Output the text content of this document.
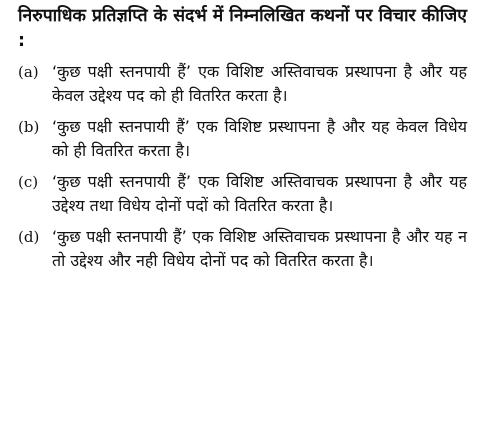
निरुपाधिक प्रतिज्ञप्ति के संदर्भ में निम्नलिखित कथनों पर विचार कीजिए :

(a) ‘कुछ पक्षी स्तनपायी हैं’ एक विशिष्ट अस्तिवाचक प्रस्थापना है और यह केवल उद्देश्य पद को ही वितरित करता है।
(b) ‘कुछ पक्षी स्तनपायी हैं’ एक विशिष्ट प्रस्थापना है और यह केवल विधेय को ही वितरित करता है।
(c) ‘कुछ पक्षी स्तनपायी हैं’ एक विशिष्ट अस्तिवाचक प्रस्थापना है और यह उद्देश्य तथा विधेय दोनों पदों को वितरित करता है।
(d) ‘कुछ पक्षी स्तनपायी हैं’ एक विशिष्ट अस्तिवाचक प्रस्थापना है और यह न तो उद्देश्य और नही विधेय दोनों पद को वितरित करता है।
